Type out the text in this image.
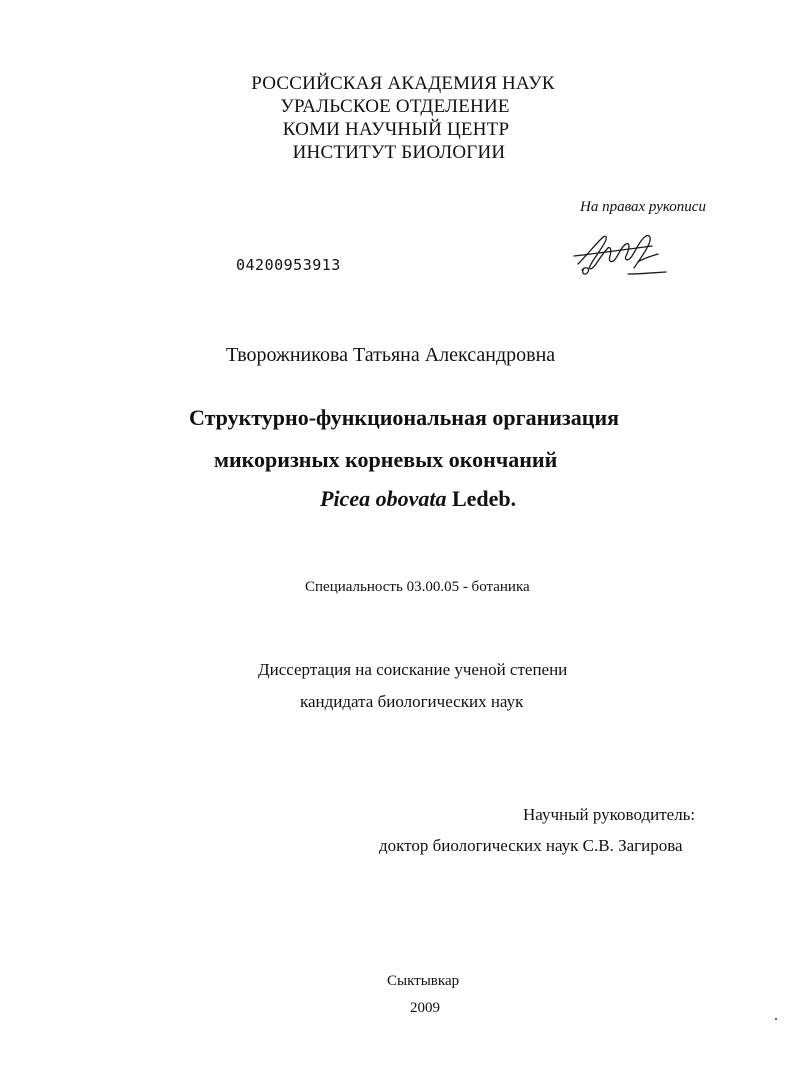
РОССИЙСКАЯ АКАДЕМИЯ НАУК
УРАЛЬСКОЕ ОТДЕЛЕНИЕ
КОМИ НАУЧНЫЙ ЦЕНТР
ИНСТИТУТ БИОЛОГИИ
На правах рукописи
04200953913
Творожникова Татьяна Александровна
Структурно-функциональная организация
микоризных корневых окончаний
Picea obovata Ledeb.
Специальность 03.00.05 - ботаника
Диссертация на соискание ученой степени
кандидата биологических наук
Научный руководитель:
доктор биологических наук С.В. Загирова
Сыктывкар
2009
